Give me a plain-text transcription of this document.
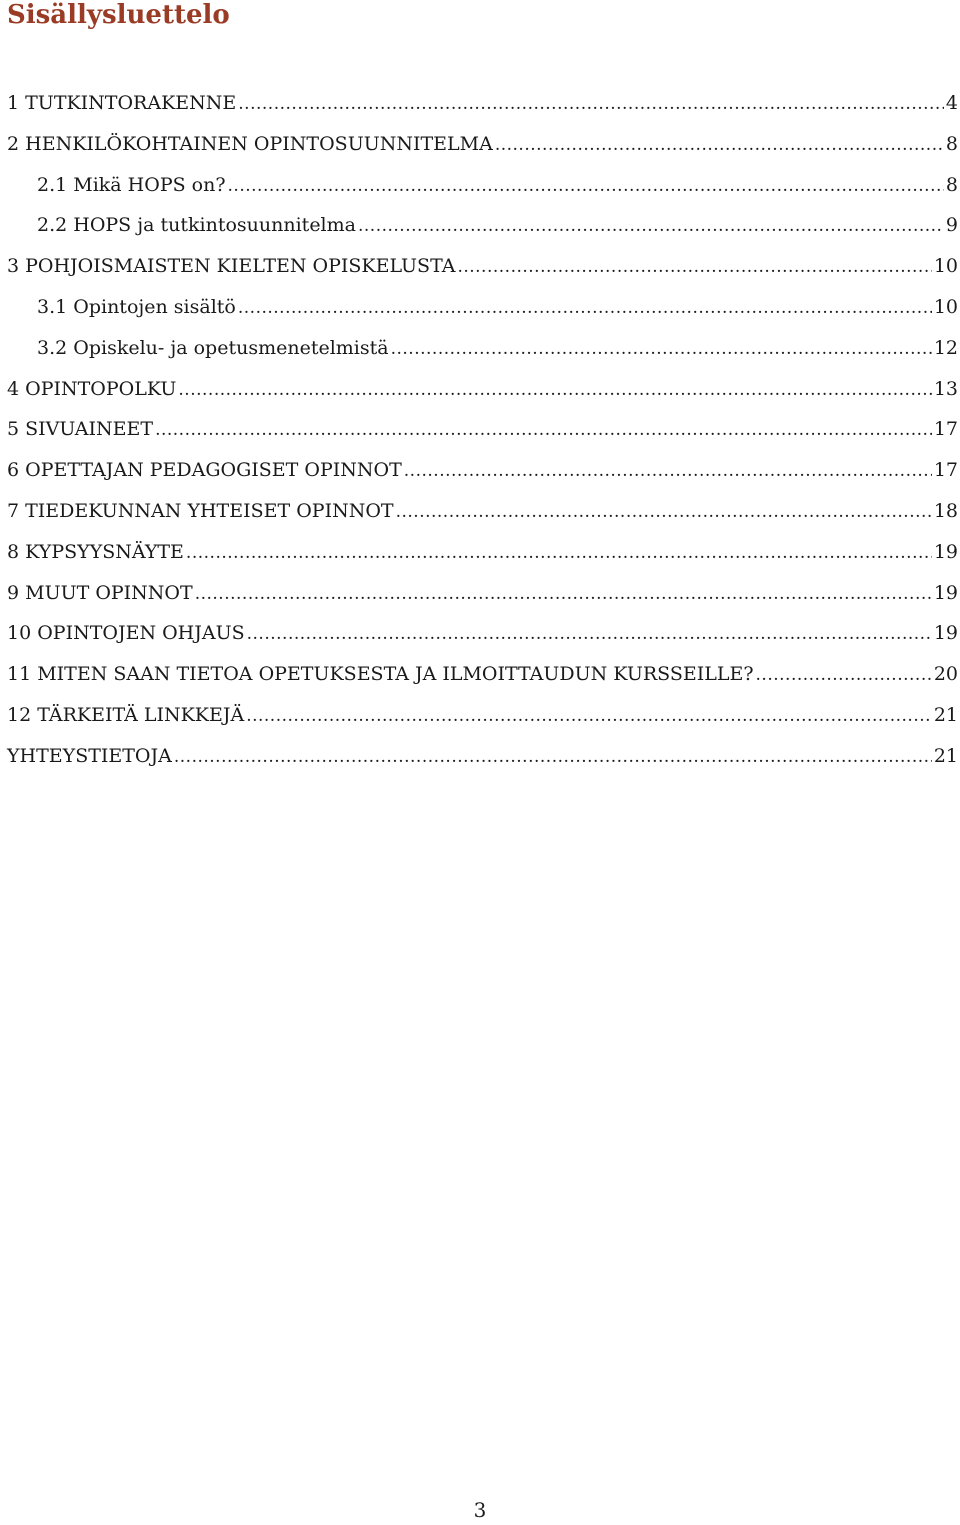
Sisällysluettelo
1 TUTKINTORAKENNE .....	4
2 HENKILÖKOHTAINEN OPINTOSUUNNITELMA .....	8
2.1 Mikä HOPS on? .....	8
2.2 HOPS ja tutkintosuunnitelma .....	9
3 POHJOISMAISTEN KIELTEN OPISKELUSTA .....	10
3.1 Opintojen sisältö .....	10
3.2 Opiskelu- ja opetusmenetelmistä .....	12
4 OPINTOPOLKU .....	13
5 SIVUAINEET .....	17
6 OPETTAJAN PEDAGOGISET OPINNOT .....	17
7 TIEDEKUNNAN YHTEISET OPINNOT .....	18
8 KYPSYYSNÄYTE .....	19
9 MUUT OPINNOT .....	19
10 OPINTOJEN OHJAUS .....	19
11 MITEN SAAN TIETOA OPETUKSESTA JA ILMOITTAUDUN KURSSEILLE? .....	20
12 TÄRKEITÄ LINKKEJÄ .....	21
YHTEYSTIETOJA .....	21
3
